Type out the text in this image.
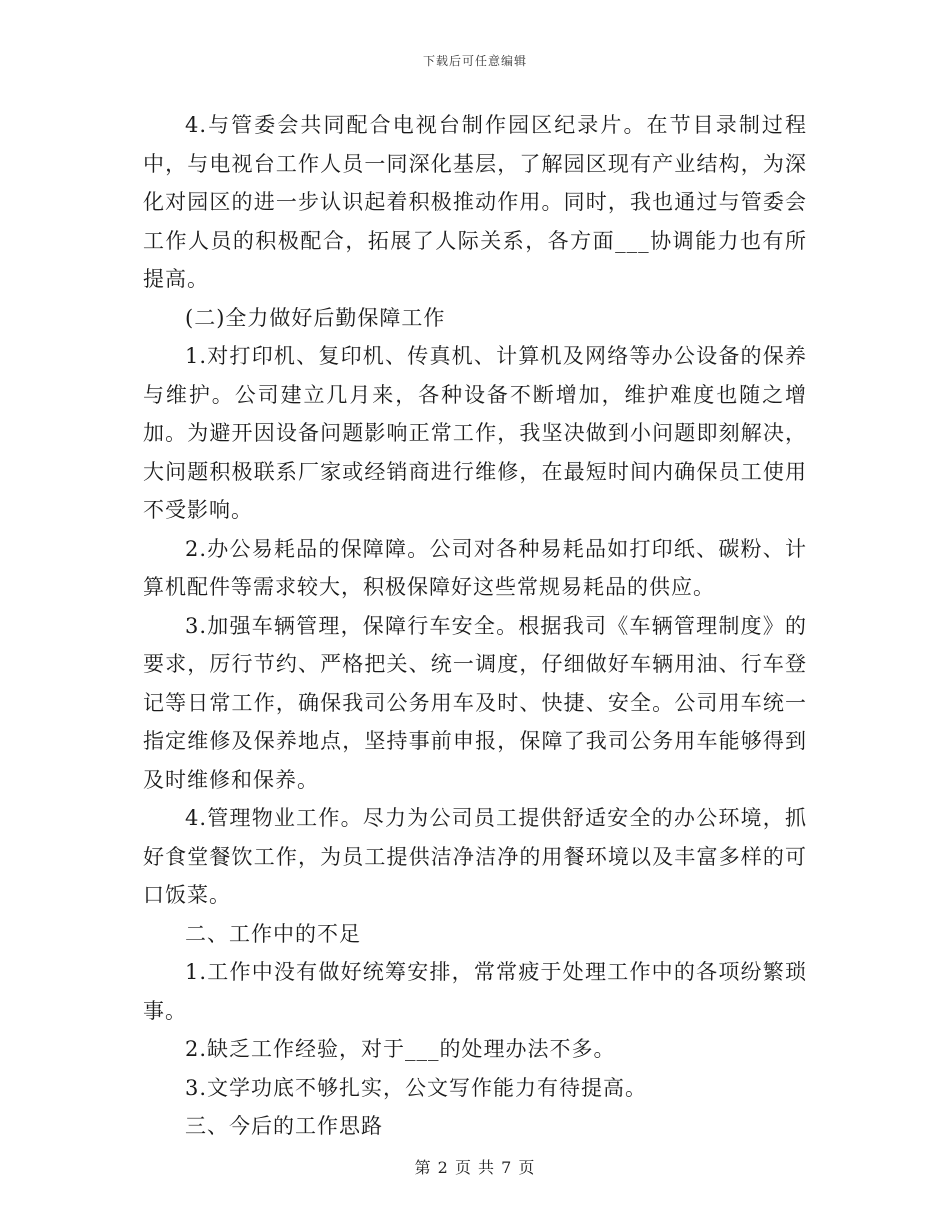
下载后可任意编辑

4.与管委会共同配合电视台制作园区纪录片。在节目录制过程中，与电视台工作人员一同深化基层，了解园区现有产业结构，为深化对园区的进一步认识起着积极推动作用。同时，我也通过与管委会工作人员的积极配合，拓展了人际关系，各方面___协调能力也有所提高。

(二)全力做好后勤保障工作

1.对打印机、复印机、传真机、计算机及网络等办公设备的保养与维护。公司建立几月来，各种设备不断增加，维护难度也随之增加。为避开因设备问题影响正常工作，我坚决做到小问题即刻解决，大问题积极联系厂家或经销商进行维修，在最短时间内确保员工使用不受影响。

2.办公易耗品的保障障。公司对各种易耗品如打印纸、碳粉、计算机配件等需求较大，积极保障好这些常规易耗品的供应。

3.加强车辆管理，保障行车安全。根据我司《车辆管理制度》的要求，厉行节约、严格把关、统一调度，仔细做好车辆用油、行车登记等日常工作，确保我司公务用车及时、快捷、安全。公司用车统一指定维修及保养地点，坚持事前申报，保障了我司公务用车能够得到及时维修和保养。

4.管理物业工作。尽力为公司员工提供舒适安全的办公环境，抓好食堂餐饮工作，为员工提供洁净洁净的用餐环境以及丰富多样的可口饭菜。

二、工作中的不足

1.工作中没有做好统筹安排，常常疲于处理工作中的各项纷繁琐事。

2.缺乏工作经验，对于___的处理办法不多。

3.文学功底不够扎实，公文写作能力有待提高。

三、今后的工作思路

第 2 页 共 7 页
